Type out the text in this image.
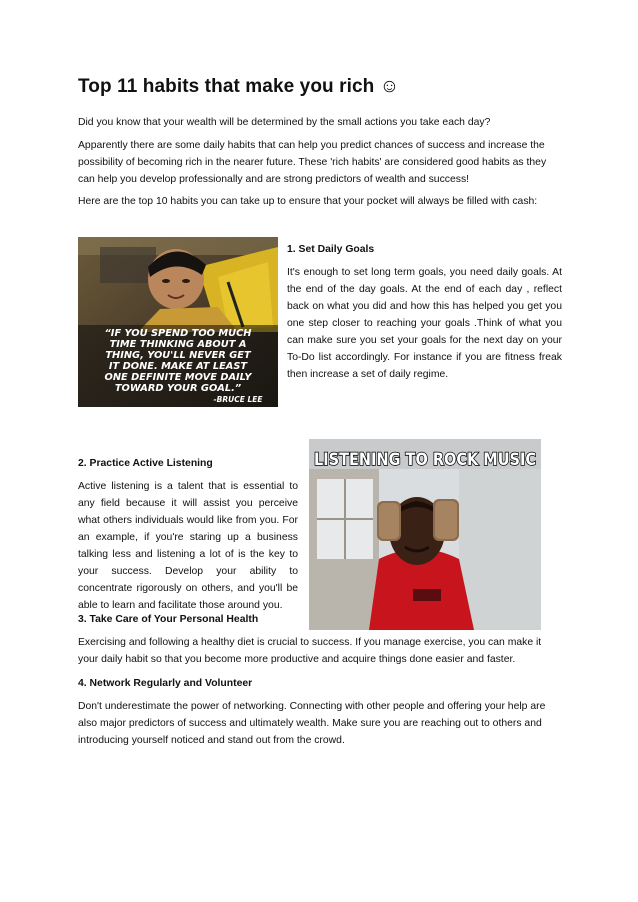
Top 11 habits that make you rich ☺

Did you know that your wealth will be determined by the small actions you take each day?

Apparently there are some daily habits that can help you predict chances of success and increase the possibility of becoming rich in the nearer future. These 'rich habits' are considered good habits as they can help you develop professionally and are strong predictors of wealth and success!

Here are the top 10 habits you can take up to ensure that your pocket will always be filled with cash:

“IF YOU SPEND TOO MUCH
TIME THINKING ABOUT A
THING, YOU'LL NEVER GET
IT DONE. MAKE AT LEAST
ONE DEFINITE MOVE DAILY
TOWARD YOUR GOAL.”
-BRUCE LEE
1. Set Daily Goals

It's enough to set long term goals, you need daily goals. At the end of the day goals. At the end of each day , reflect back on what you did and how this has helped you get you one step closer to reaching your goals .Think of what you can make sure you set your goals for the next day on your To-Do list accordingly. For instance if you are fitness freak then increase a set of daily regime.

2. Practice Active Listening

Active listening is a talent that is essential to any field because it will assist you perceive what others individuals would like from you. For an example, if you're staring up a business talking less and listening a lot of is the key to your success. Develop your ability to concentrate rigorously on others, and you'll be able to learn and facilitate those around you.

LISTENING TO ROCK MUSIC
3. Take Care of Your Personal Health

Exercising and following a healthy diet is crucial to success. If you manage exercise, you can make it your daily habit so that you become more productive and acquire things done easier and faster.

4. Network Regularly and Volunteer

Don't underestimate the power of networking. Connecting with other people and offering your help are also major predictors of success and ultimately wealth. Make sure you are reaching out to others and introducing yourself noticed and stand out from the crowd.
